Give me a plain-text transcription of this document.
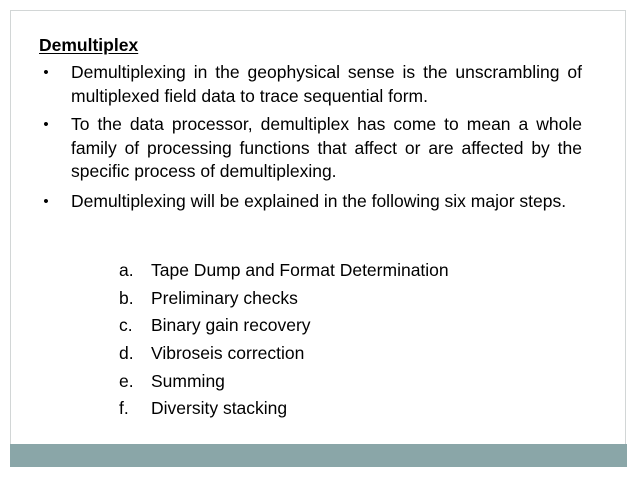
Demultiplex
• Demultiplexing in the geophysical sense is the unscrambling of multiplexed field data to trace sequential form.
• To the data processor, demultiplex has come to mean a whole family of processing functions that affect or are affected by the specific process of demultiplexing.
• Demultiplexing will be explained in the following six major steps.
a. Tape Dump and Format Determination
b. Preliminary checks
c. Binary gain recovery
d. Vibroseis correction
e. Summing
f. Diversity stacking
